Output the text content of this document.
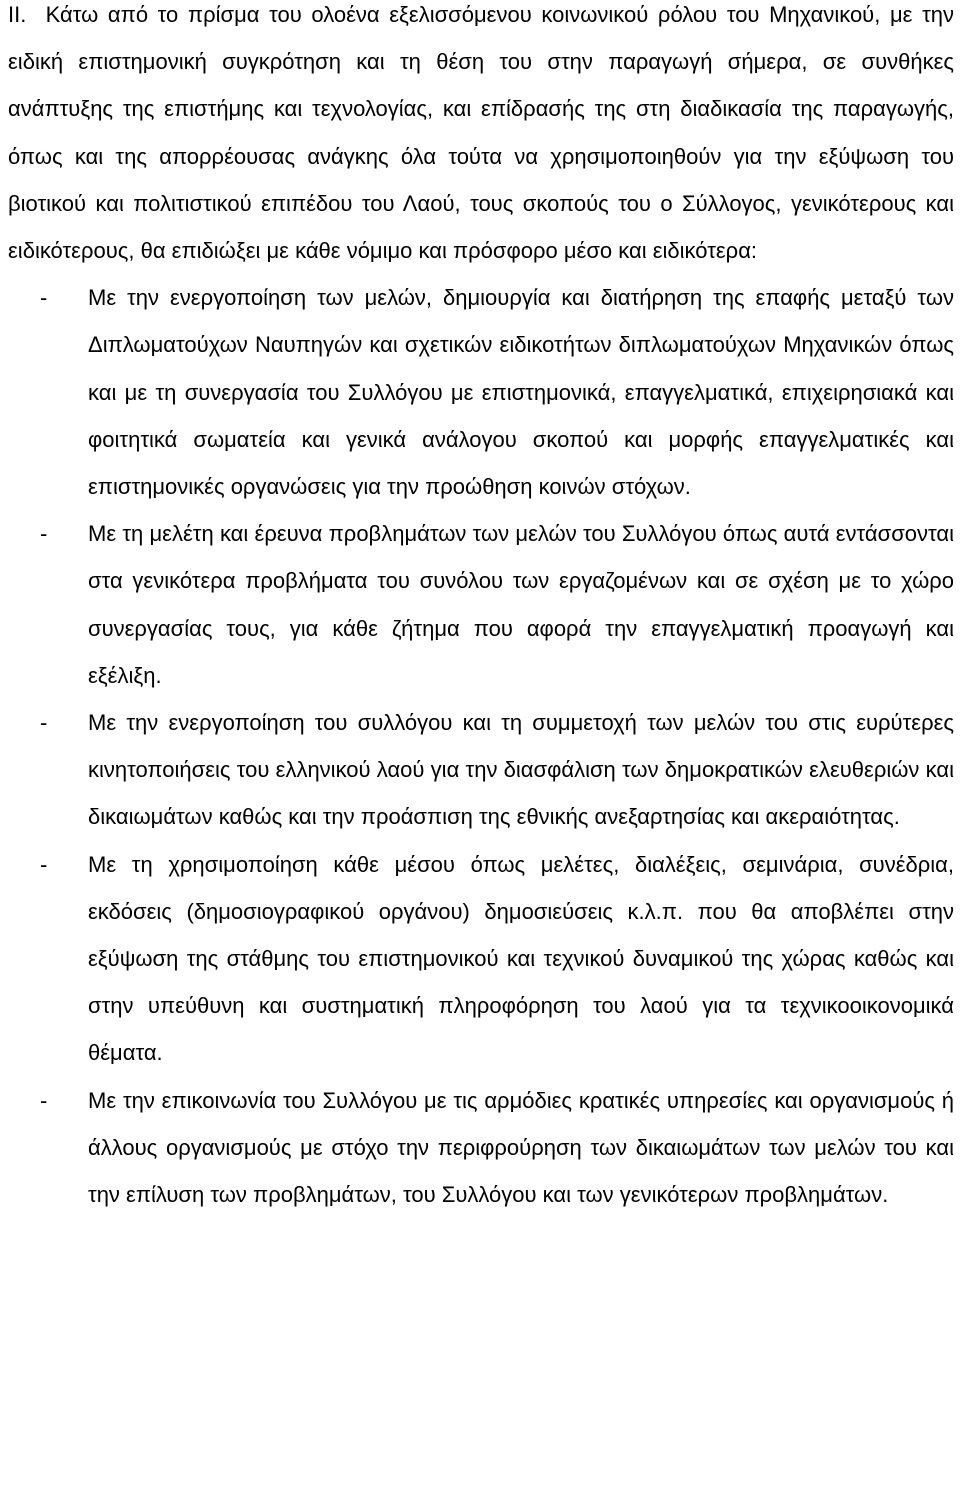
II. Κάτω από το πρίσμα του ολοένα εξελισσόμενου κοινωνικού ρόλου του Μηχανικού, με την ειδική επιστημονική συγκρότηση και τη θέση του στην παραγωγή σήμερα, σε συνθήκες ανάπτυξης της επιστήμης και τεχνολογίας, και επίδρασής της στη διαδικασία της παραγωγής, όπως και της απορρέουσας ανάγκης όλα τούτα να χρησιμοποιηθούν για την εξύψωση του βιοτικού και πολιτιστικού επιπέδου του Λαού, τους σκοπούς του ο Σύλλογος, γενικότερους και ειδικότερους, θα επιδιώξει με κάθε νόμιμο και πρόσφορο μέσο και ειδικότερα:

- Με την ενεργοποίηση των μελών, δημιουργία και διατήρηση της επαφής μεταξύ των Διπλωματούχων Ναυπηγών και σχετικών ειδικοτήτων διπλωματούχων Μηχανικών όπως και με τη συνεργασία του Συλλόγου με επιστημονικά, επαγγελματικά, επιχειρησιακά και φοιτητικά σωματεία και γενικά ανάλογου σκοπού και μορφής επαγγελματικές και επιστημονικές οργανώσεις για την προώθηση κοινών στόχων.
- Με τη μελέτη και έρευνα προβλημάτων των μελών του Συλλόγου όπως αυτά εντάσσονται στα γενικότερα προβλήματα του συνόλου των εργαζομένων και σε σχέση με το χώρο συνεργασίας τους, για κάθε ζήτημα που αφορά την επαγγελματική προαγωγή και εξέλιξη.
- Με την ενεργοποίηση του συλλόγου και τη συμμετοχή των μελών του στις ευρύτερες κινητοποιήσεις του ελληνικού λαού για την διασφάλιση των δημοκρατικών ελευθεριών και δικαιωμάτων καθώς και την προάσπιση της εθνικής ανεξαρτησίας και ακεραιότητας.
- Με τη χρησιμοποίηση κάθε μέσου όπως μελέτες, διαλέξεις, σεμινάρια, συνέδρια, εκδόσεις (δημοσιογραφικού οργάνου) δημοσιεύσεις κ.λ.π. που θα αποβλέπει στην εξύψωση της στάθμης του επιστημονικού και τεχνικού δυναμικού της χώρας καθώς και στην υπεύθυνη και συστηματική πληροφόρηση του λαού για τα τεχνικοοικονομικά θέματα.
- Με την επικοινωνία του Συλλόγου με τις αρμόδιες κρατικές υπηρεσίες και οργανισμούς ή άλλους οργανισμούς με στόχο την περιφρούρηση των δικαιωμάτων των μελών του και την επίλυση των προβλημάτων, του Συλλόγου και των γενικότερων προβλημάτων.
